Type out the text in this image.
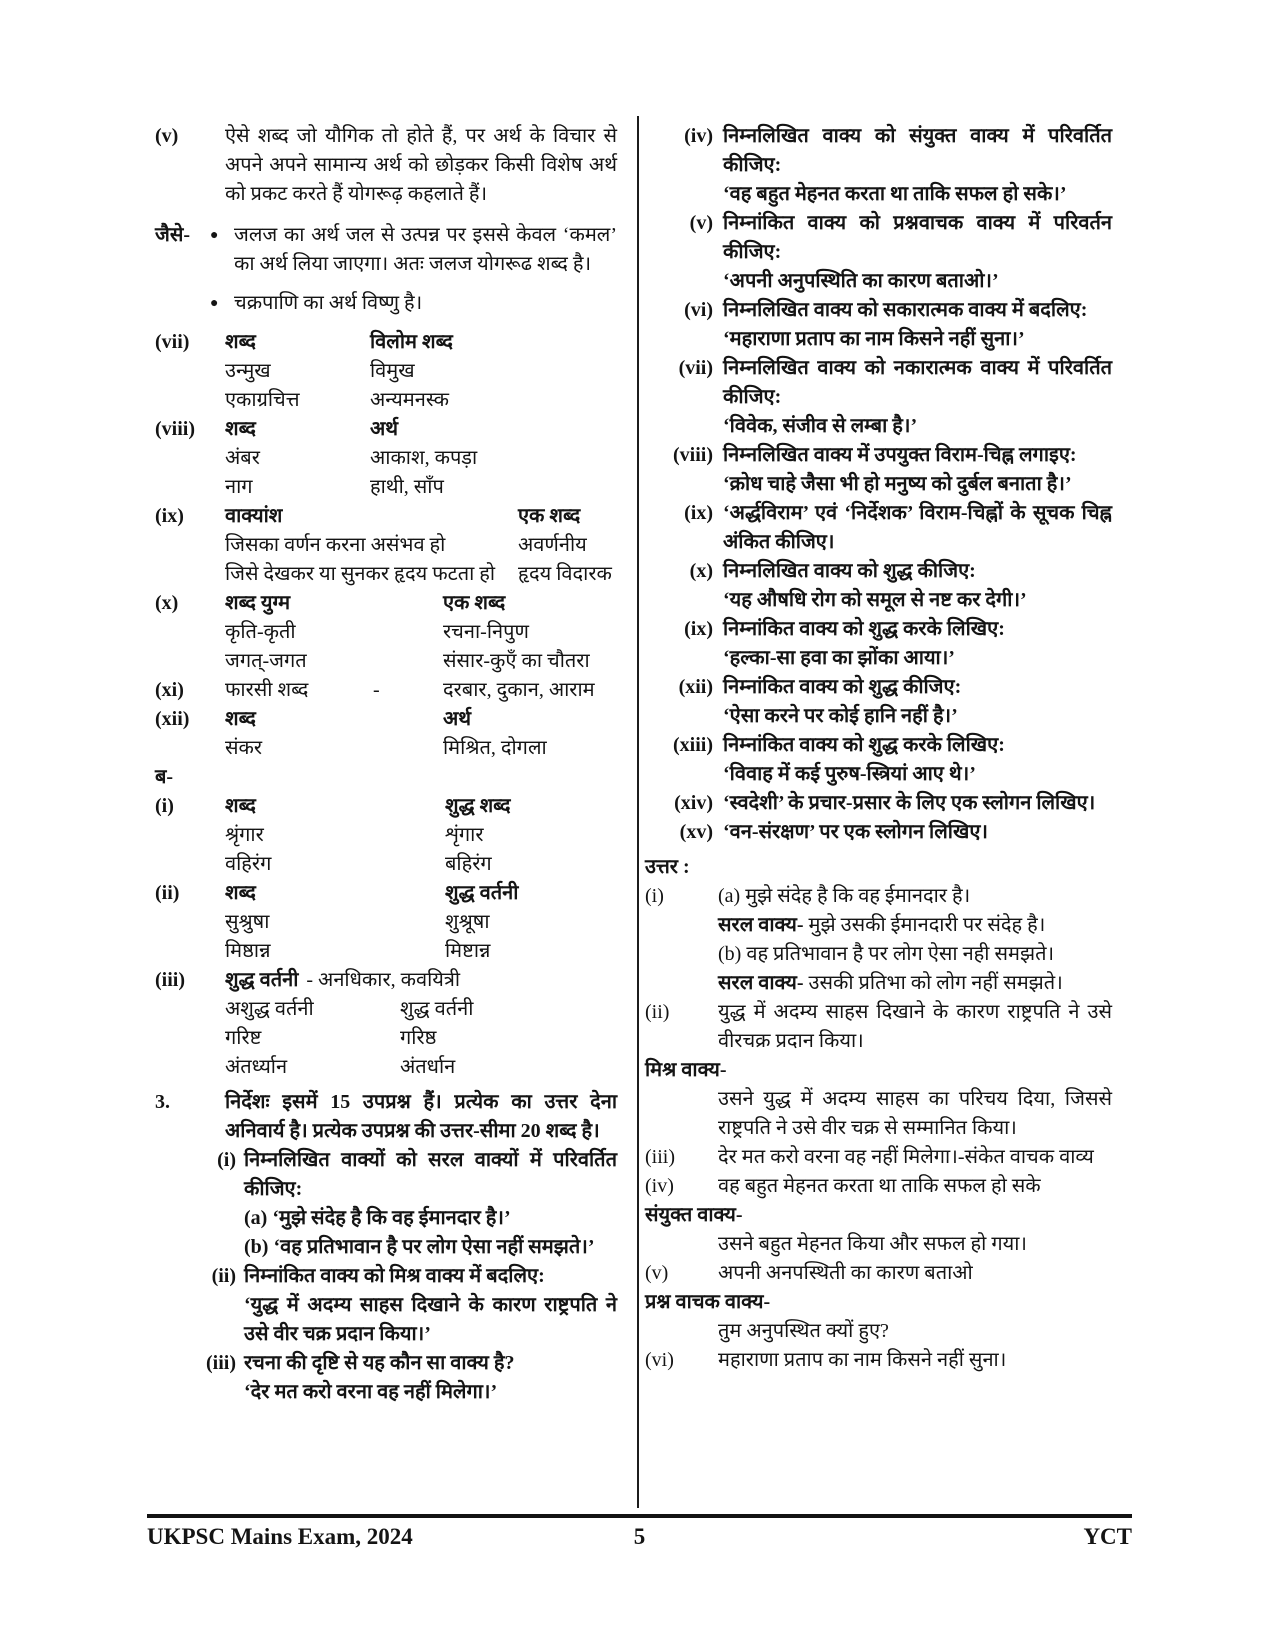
(v)	ऐसे शब्द जो यौगिक तो होते हैं, पर अर्थ के विचार से अपने अपने सामान्य अर्थ को छोड़कर किसी विशेष अर्थ को प्रकट करते हैं योगरूढ़ कहलाते हैं।
जैसे-	● जलज का अर्थ जल से उत्पन्न पर इससे केवल ‘कमल’ का अर्थ लिया जाएगा। अतः जलज योगरूढ शब्द है।
● चक्रपाणि का अर्थ विष्णु है।
(vii)	शब्द	विलोम शब्द
उन्मुख	विमुख
एकाग्रचित्त	अन्यमनस्क
(viii)	शब्द	अर्थ
अंबर	आकाश, कपड़ा
नाग	हाथी, साँप
(ix)	वाक्यांश	एक शब्द
जिसका वर्णन करना असंभव हो	अवर्णनीय
जिसे देखकर या सुनकर हृदय फटता हो	हृदय विदारक
(x)	शब्द युग्म	एक शब्द
कृति-कृती	रचना-निपुण
जगत्-जगत	संसार-कुएँ का चौतरा
(xi)	फारसी शब्द	-	दरबार, दुकान, आराम
(xii)	शब्द	अर्थ
संकर	मिश्रित, दोगला
ब-
(i)	शब्द	शुद्ध शब्द
श्रृंगार	शृंगार
वहिरंग	बहिरंग
(ii)	शब्द	शुद्ध वर्तनी
सुश्रुषा	शुश्रूषा
मिष्ठान्न	मिष्टान्न
(iii)	शुद्ध वर्तनी - अनधिकार, कवयित्री
अशुद्ध वर्तनी	शुद्ध वर्तनी
गरिष्ट	गरिष्ठ
अंतर्ध्यान	अंतर्धान
3.	निर्देशः इसमें 15 उपप्रश्न हैं। प्रत्येक का उत्तर देना अनिवार्य है। प्रत्येक उपप्रश्न की उत्तर-सीमा 20 शब्द है।
(i) निम्नलिखित वाक्यों को सरल वाक्यों में परिवर्तित कीजिए:
(a) ‘मुझे संदेह है कि वह ईमानदार है।’
(b) ‘वह प्रतिभावान है पर लोग ऐसा नहीं समझते।’
(ii) निम्नांकित वाक्य को मिश्र वाक्य में बदलिए:
‘युद्ध में अदम्य साहस दिखाने के कारण राष्ट्रपति ने उसे वीर चक्र प्रदान किया।’
(iii) रचना की दृष्टि से यह कौन सा वाक्य है?
‘देर मत करो वरना वह नहीं मिलेगा।’
(iv) निम्नलिखित वाक्य को संयुक्त वाक्य में परिवर्तित कीजिए:
‘वह बहुत मेहनत करता था ताकि सफल हो सके।’
(v) निम्नांकित वाक्य को प्रश्नवाचक वाक्य में परिवर्तन कीजिए:
‘अपनी अनुपस्थिति का कारण बताओ।’
(vi) निम्नलिखित वाक्य को सकारात्मक वाक्य में बदलिए:
‘महाराणा प्रताप का नाम किसने नहीं सुना।’
(vii) निम्नलिखित वाक्य को नकारात्मक वाक्य में परिवर्तित कीजिए:
‘विवेक, संजीव से लम्बा है।’
(viii) निम्नलिखित वाक्य में उपयुक्त विराम-चिह्न लगाइए:
‘क्रोध चाहे जैसा भी हो मनुष्य को दुर्बल बनाता है।’
(ix) ‘अर्द्धविराम’ एवं ‘निर्देशक’ विराम-चिह्नों के सूचक चिह्न अंकित कीजिए।
(x) निम्नलिखित वाक्य को शुद्ध कीजिए:
‘यह औषधि रोग को समूल से नष्ट कर देगी।’
(ix) निम्नांकित वाक्य को शुद्ध करके लिखिए:
‘हल्का-सा हवा का झोंका आया।’
(xii) निम्नांकित वाक्य को शुद्ध कीजिए:
‘ऐसा करने पर कोई हानि नहीं है।’
(xiii) निम्नांकित वाक्य को शुद्ध करके लिखिए:
‘विवाह में कई पुरुष-स्त्रियां आए थे।’
(xiv) ‘स्वदेशी’ के प्रचार-प्रसार के लिए एक स्लोगन लिखिए।
(xv) ‘वन-संरक्षण’ पर एक स्लोगन लिखिए।
उत्तर :
(i)	(a) मुझे संदेह है कि वह ईमानदार है।
सरल वाक्य- मुझे उसकी ईमानदारी पर संदेह है।
(b) वह प्रतिभावान है पर लोग ऐसा नही समझते।
सरल वाक्य- उसकी प्रतिभा को लोग नहीं समझते।
(ii)	युद्ध में अदम्य साहस दिखाने के कारण राष्ट्रपति ने उसे वीरचक्र प्रदान किया।
मिश्र वाक्य-
उसने युद्ध में अदम्य साहस का परिचय दिया, जिससे राष्ट्रपति ने उसे वीर चक्र से सम्मानित किया।
(iii)	देर मत करो वरना वह नहीं मिलेगा।-संकेत वाचक वाव्य
(iv)	वह बहुत मेहनत करता था ताकि सफल हो सके
संयुक्त वाक्य-
उसने बहुत मेहनत किया और सफल हो गया।
(v)	अपनी अनपस्थिती का कारण बताओ
प्रश्न वाचक वाक्य-
तुम अनुपस्थित क्यों हुए?
(vi)	महाराणा प्रताप का नाम किसने नहीं सुना।
UKPSC Mains Exam, 2024	5	YCT
